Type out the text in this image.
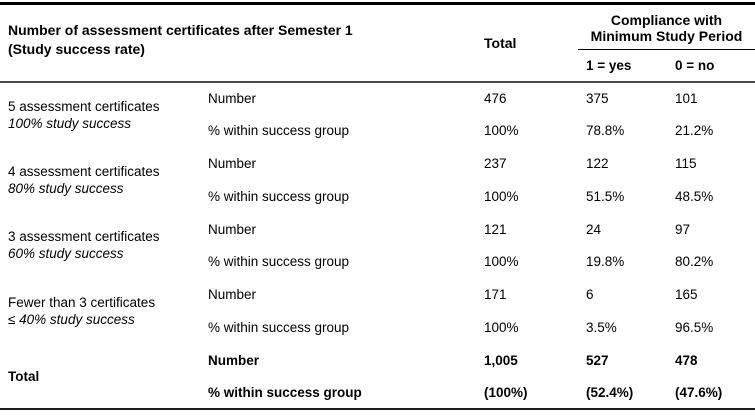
Number of assessment certificates after Semester 1
(Study success rate)	Total	
Compliance with
Minimum Study Period

			1 = yes	0 = no

5 assessment certificates
100% study success	Number	476	375	101
	% within success group	100%	78.8%	21.2%

4 assessment certificates
80% study success	Number	237	122	115
	% within success group	100%	51.5%	48.5%

3 assessment certificates
60% study success	Number	121	24	97
	% within success group	100%	19.8%	80.2%

Fewer than 3 certificates
≤ 40% study success	Number	171	6	165
	% within success group	100%	3.5%	96.5%

Total	Number	1,005	527	478
	% within success group	(100%)	(52.4%)	(47.6%)
